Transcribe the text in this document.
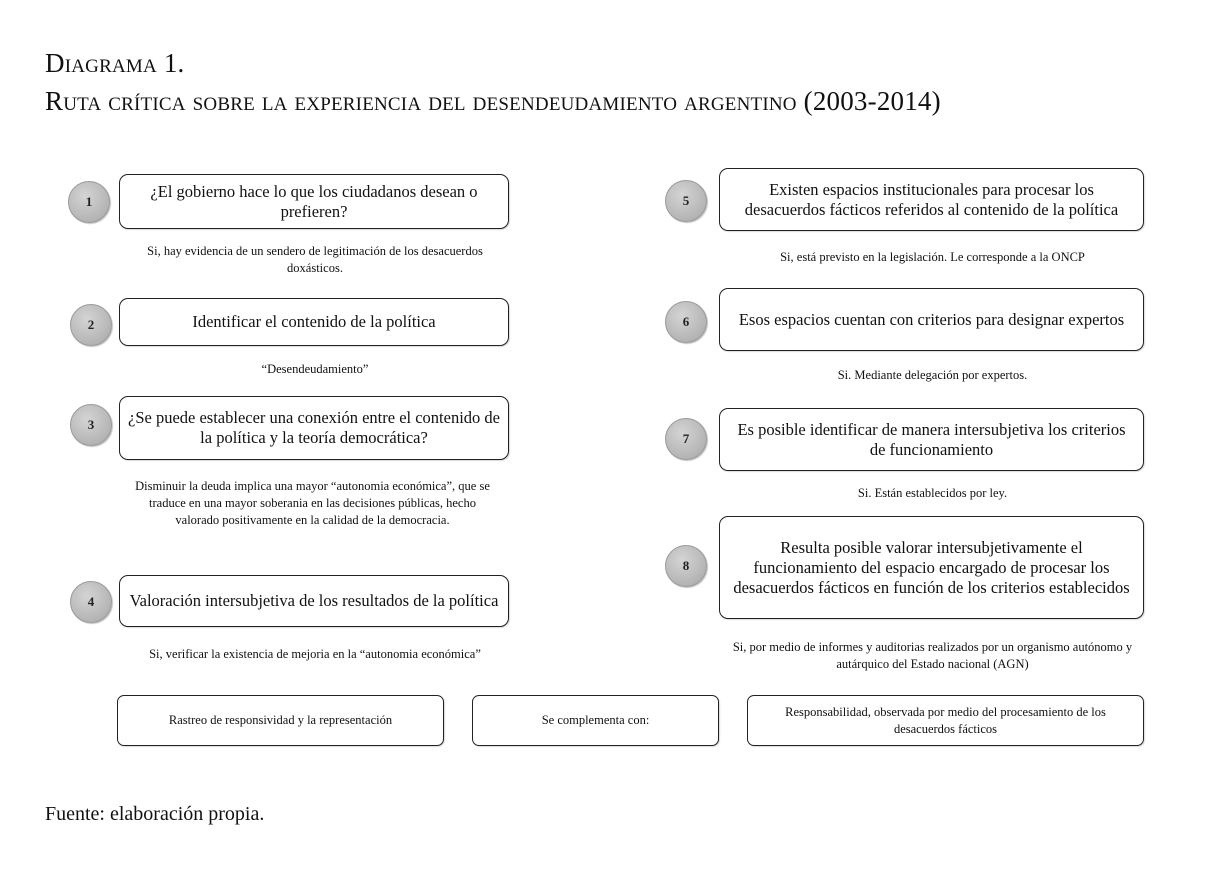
Diagrama 1.
Ruta crítica sobre la experiencia del desendeudamiento argentino (2003-2014)
1
¿El gobierno hace lo que los ciudadanos desean o prefieren?
Si, hay evidencia de un sendero de legitimación de los desacuerdos doxásticos.
2	Identificar el contenido de la política
“Desendeudamiento”
3	¿Se puede establecer una conexión entre el contenido de la política y la teoría democrática?
Disminuir la deuda implica una mayor “autonomia económica”, que se traduce en una mayor soberania en las decisiones públicas, hecho valorado positivamente en la calidad de la democracia.
4	Valoración intersubjetiva de los resultados de la política
Si, verificar la existencia de mejoria en la “autonomia económica”
5
Existen espacios institucionales para procesar los desacuerdos fácticos referidos al contenido de la política
Si, está previsto en la legislación. Le corresponde a la ONCP
6	Esos espacios cuentan con criterios para designar expertos
Si. Mediante delegación por expertos.
7	Es posible identificar de manera intersubjetiva los criterios de funcionamiento
Si. Están establecidos por ley.
8
Resulta posible valorar intersubjetivamente el funcionamiento del espacio encargado de procesar los desacuerdos fácticos en función de los criterios establecidos
Si, por medio de informes y auditorias realizados por un organismo autónomo y autárquico del Estado nacional (AGN)
Rastreo de responsividad y la representación	Se complementa con:
Responsabilidad, observada por medio del procesamiento de los desacuerdos fácticos
Fuente: elaboración propia.
